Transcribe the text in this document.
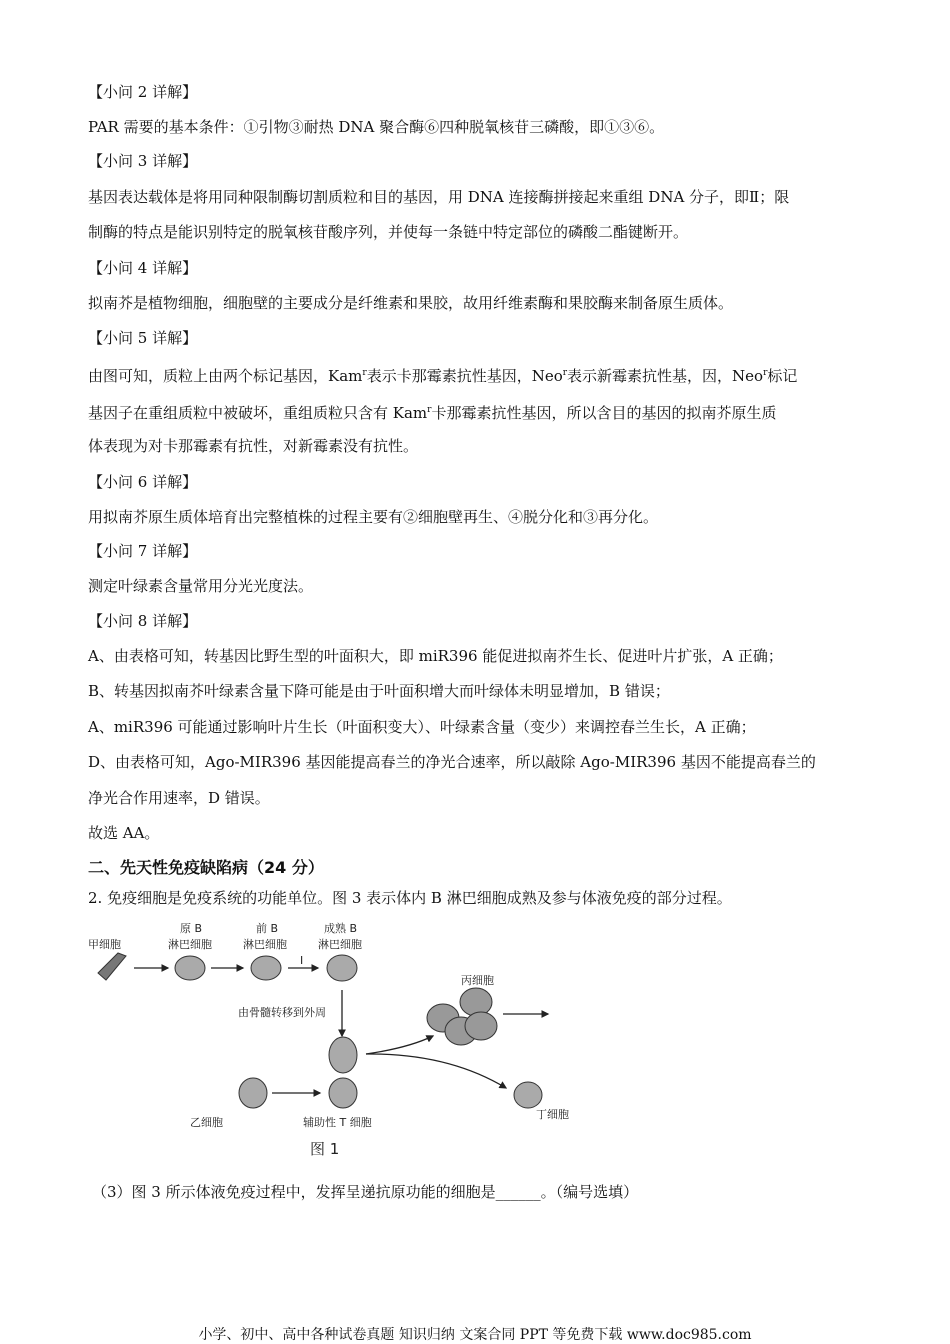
【小问 2 详解】
PAR 需要的基本条件：①引物③耐热 DNA 聚合酶⑥四种脱氧核苷三磷酸，即①③⑥。
【小问 3 详解】
基因表达载体是将用同种限制酶切割质粒和目的基因，用 DNA 连接酶拼接起来重组 DNA 分子，即Ⅱ；限
制酶的特点是能识别特定的脱氧核苷酸序列，并使每一条链中特定部位的磷酸二酯键断开。
【小问 4 详解】
拟南芥是植物细胞，细胞壁的主要成分是纤维素和果胶，故用纤维素酶和果胶酶来制备原生质体。
【小问 5 详解】
由图可知，质粒上由两个标记基因，Kam$^r$表示卡那霉素抗性基因，Neo$^r$表示新霉素抗性基，因，Neo$^r$标记
基因子在重组质粒中被破坏，重组质粒只含有 Kam$^r$卡那霉素抗性基因，所以含目的基因的拟南芥原生质
体表现为对卡那霉素有抗性，对新霉素没有抗性。
【小问 6 详解】
用拟南芥原生质体培育出完整植株的过程主要有②细胞壁再生、④脱分化和③再分化。
【小问 7 详解】
测定叶绿素含量常用分光光度法。
【小问 8 详解】
A、由表格可知，转基因比野生型的叶面积大，即 miR396 能促进拟南芥生长、促进叶片扩张，A 正确；
B、转基因拟南芥叶绿素含量下降可能是由于叶面积增大而叶绿体未明显增加，B 错误；
A、miR396 可能通过影响叶片生长（叶面积变大）、叶绿素含量（变少）来调控春兰生长，A 正确；
D、由表格可知，Ago-MIR396 基因能提高春兰的净光合速率，所以敲除 Ago-MIR396 基因不能提高春兰的
净光合作用速率，D 错误。
故选 AA。
二、先天性免疫缺陷病（24 分）
2. 免疫细胞是免疫系统的功能单位。图 3 表示体内 B 淋巴细胞成熟及参与体液免疫的部分过程。
甲细胞
原 B
淋巴细胞
前 B
淋巴细胞
成熟 B
淋巴细胞
Ⅰ
由骨髓转移到外周
丙细胞
乙细胞	辅助性 T 细胞
丁细胞
图 1
（3）图 3 所示体液免疫过程中，发挥呈递抗原功能的细胞是______。（编号选填）
小学、初中、高中各种试卷真题 知识归纳 文案合同 PPT 等免费下载 www.doc985.com
